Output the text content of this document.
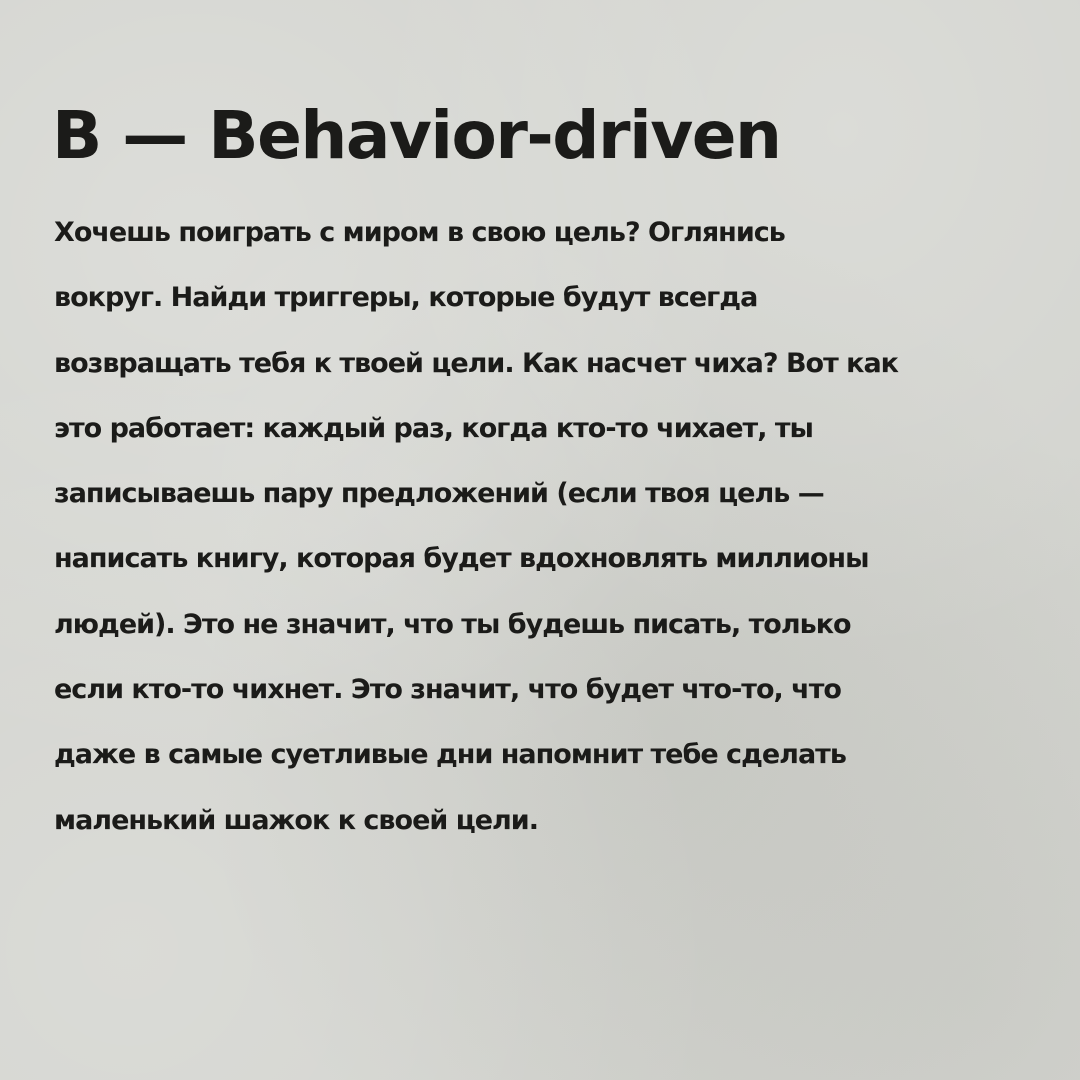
B — Behavior-driven

Хочешь поиграть с миром в свою цель? Оглянись
вокруг. Найди триггеры, которые будут всегда
возвращать тебя к твоей цели. Как насчет чиха? Вот как
это работает: каждый раз, когда кто-то чихает, ты
записываешь пару предложений (если твоя цель —
написать книгу, которая будет вдохновлять миллионы
людей). Это не значит, что ты будешь писать, только
если кто-то чихнет. Это значит, что будет что-то, что
даже в самые суетливые дни напомнит тебе сделать
маленький шажок к своей цели.
